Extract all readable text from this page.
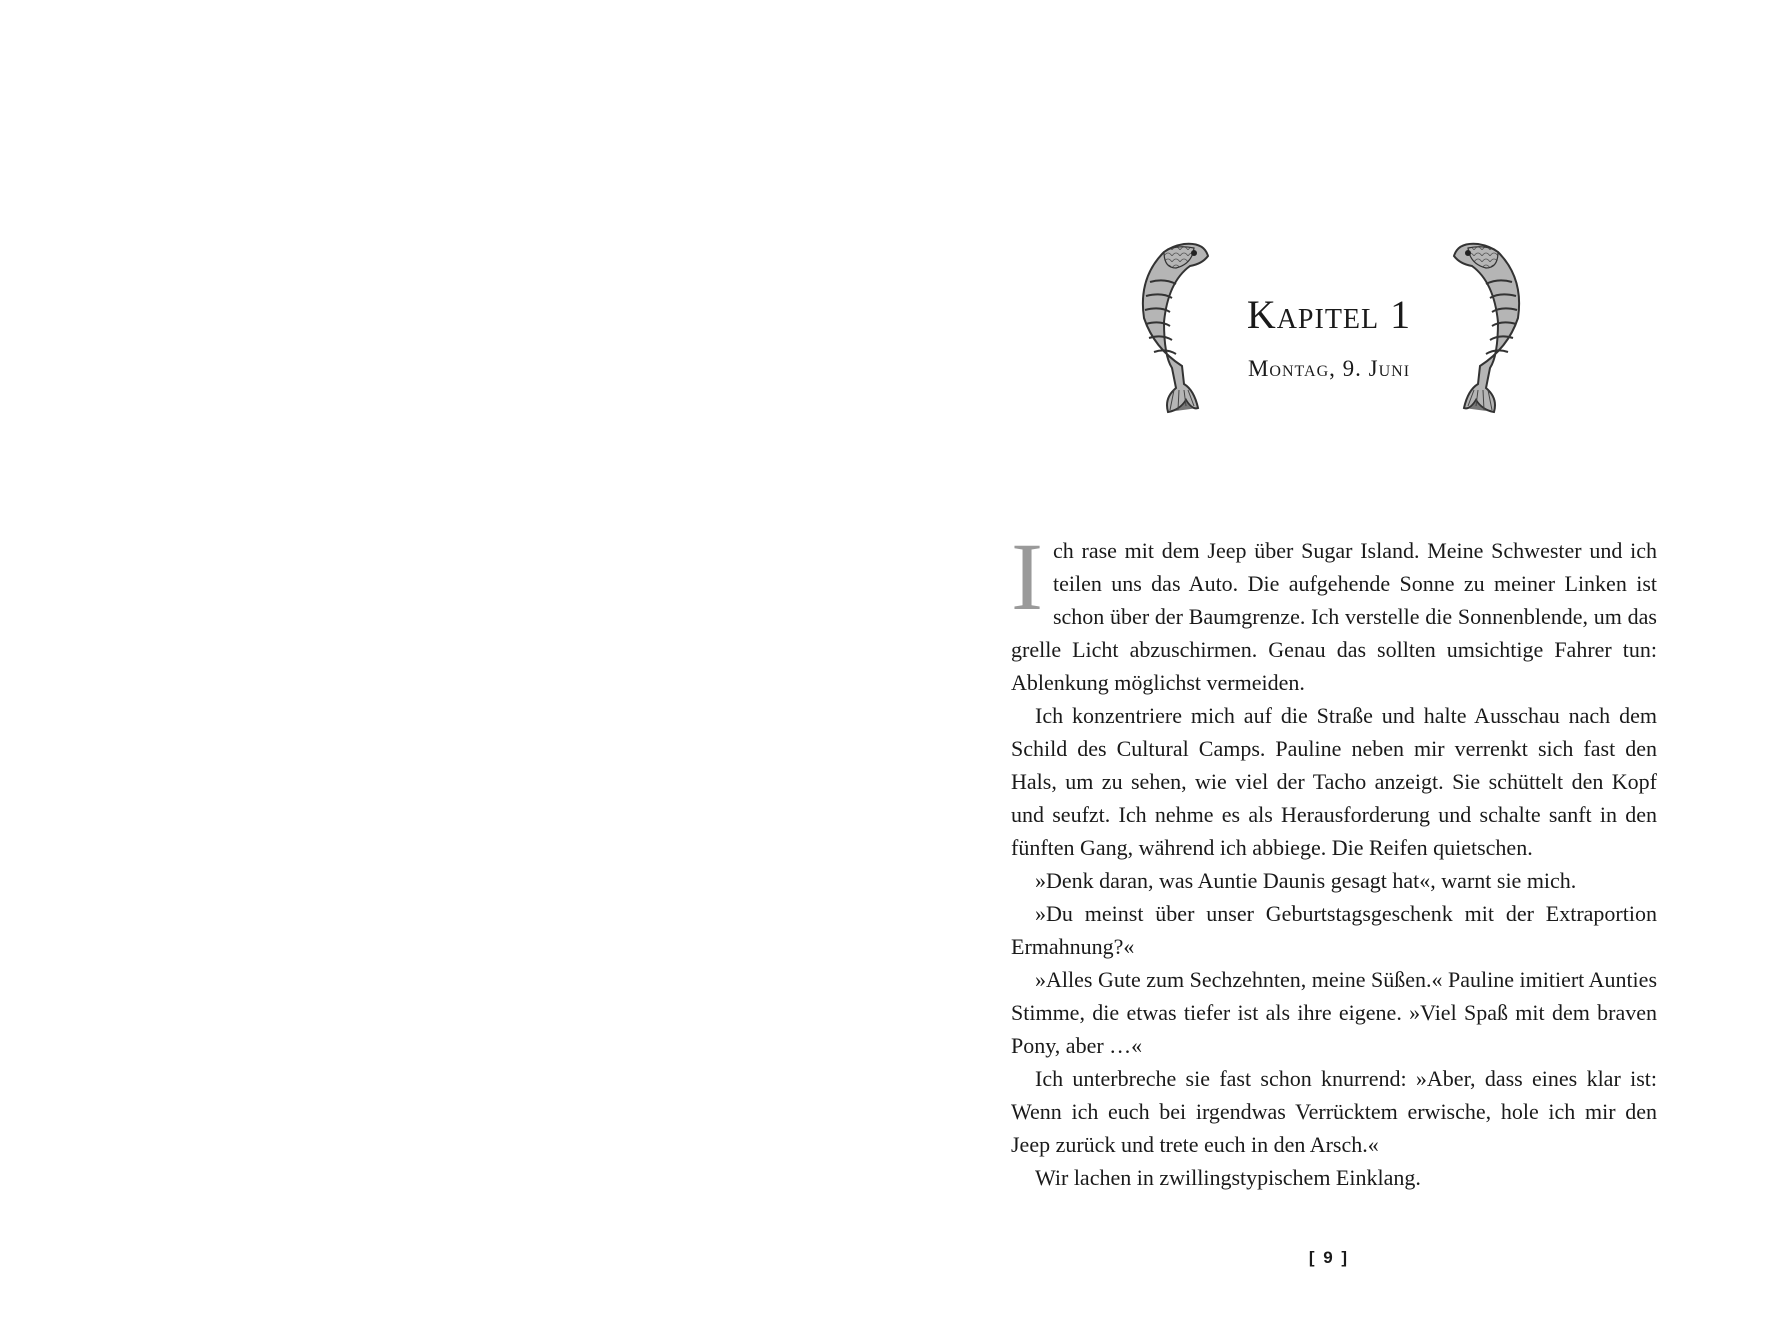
Kapitel 1
Montag, 9. Juni

Ich rase mit dem Jeep über Sugar Island. Meine Schwester und ich teilen uns das Auto. Die aufgehende Sonne zu meiner Linken ist schon über der Baumgrenze. Ich verstelle die Sonnenblende, um das grelle Licht abzuschirmen. Genau das sollten umsichtige Fahrer tun: Ablenkung möglichst vermeiden.

Ich konzentriere mich auf die Straße und halte Ausschau nach dem Schild des Cultural Camps. Pauline neben mir verrenkt sich fast den Hals, um zu sehen, wie viel der Tacho anzeigt. Sie schüttelt den Kopf und seufzt. Ich nehme es als Herausforderung und schalte sanft in den fünften Gang, während ich abbiege. Die Reifen quietschen.

»Denk daran, was Auntie Daunis gesagt hat«, warnt sie mich.

»Du meinst über unser Geburtstagsgeschenk mit der Extraportion Ermahnung?«

»Alles Gute zum Sechzehnten, meine Süßen.« Pauline imitiert Aunties Stimme, die etwas tiefer ist als ihre eigene. »Viel Spaß mit dem braven Pony, aber …«

Ich unterbreche sie fast schon knurrend: »Aber, dass eines klar ist: Wenn ich euch bei irgendwas Verrücktem erwische, hole ich mir den Jeep zurück und trete euch in den Arsch.«

Wir lachen in zwillingstypischem Einklang.

[ 9 ]
